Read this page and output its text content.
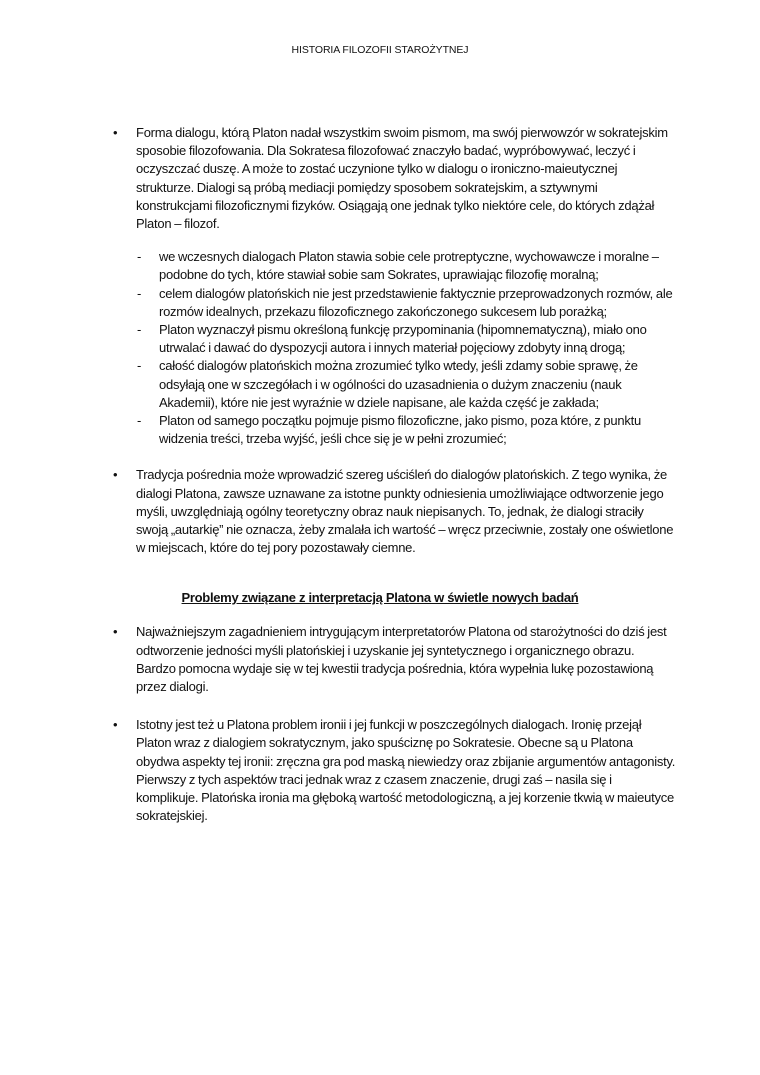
HISTORIA FILOZOFII STAROŻYTNEJ
• Forma dialogu, którą Platon nadał wszystkim swoim pismom, ma swój pierwowzór w sokratejskim sposobie filozofowania. Dla Sokratesa filozofować znaczyło badać, wypróbowywać, leczyć i oczyszczać duszę. A może to zostać uczynione tylko w dialogu o ironiczno-maieutycznej strukturze. Dialogi są próbą mediacji pomiędzy sposobem sokratejskim, a sztywnymi konstrukcjami filozoficznymi fizyków. Osiągają one jednak tylko niektóre cele, do których zdążał Platon – filozof.
- we wczesnych dialogach Platon stawia sobie cele protreptyczne, wychowawcze i moralne – podobne do tych, które stawiał sobie sam Sokrates, uprawiając filozofię moralną;
- celem dialogów platońskich nie jest przedstawienie faktycznie przeprowadzonych rozmów, ale rozmów idealnych, przekazu filozoficznego zakończonego sukcesem lub porażką;
- Platon wyznaczył pismu określoną funkcję przypominania (hipomnematyczną), miało ono utrwalać i dawać do dyspozycji autora i innych materiał pojęciowy zdobyty inną drogą;
- całość dialogów platońskich można zrozumieć tylko wtedy, jeśli zdamy sobie sprawę, że odsyłają one w szczegółach i w ogólności do uzasadnienia o dużym znaczeniu (nauk Akademii), które nie jest wyraźnie w dziele napisane, ale każda część je zakłada;
- Platon od samego początku pojmuje pismo filozoficzne, jako pismo, poza które, z punktu widzenia treści, trzeba wyjść, jeśli chce się je w pełni zrozumieć;
• Tradycja pośrednia może wprowadzić szereg uściśleń do dialogów platońskich. Z tego wynika, że dialogi Platona, zawsze uznawane za istotne punkty odniesienia umożliwiające odtworzenie jego myśli, uwzględniają ogólny teoretyczny obraz nauk niepisanych. To, jednak, że dialogi straciły swoją „autarkię” nie oznacza, żeby zmalała ich wartość – wręcz przeciwnie, zostały one oświetlone w miejscach, które do tej pory pozostawały ciemne.
Problemy związane z interpretacją Platona w świetle nowych badań
• Najważniejszym zagadnieniem intrygującym interpretatorów Platona od starożytności do dziś jest odtworzenie jedności myśli platońskiej i uzyskanie jej syntetycznego i organicznego obrazu. Bardzo pomocna wydaje się w tej kwestii tradycja pośrednia, która wypełnia lukę pozostawioną przez dialogi.
• Istotny jest też u Platona problem ironii i jej funkcji w poszczególnych dialogach. Ironię przejął Platon wraz z dialogiem sokratycznym, jako spuściznę po Sokratesie. Obecne są u Platona obydwa aspekty tej ironii: zręczna gra pod maską niewiedzy oraz zbijanie argumentów antagonisty. Pierwszy z tych aspektów traci jednak wraz z czasem znaczenie, drugi zaś – nasila się i komplikuje. Platońska ironia ma głęboką wartość metodologiczną, a jej korzenie tkwią w maieutyce sokratejskiej.
